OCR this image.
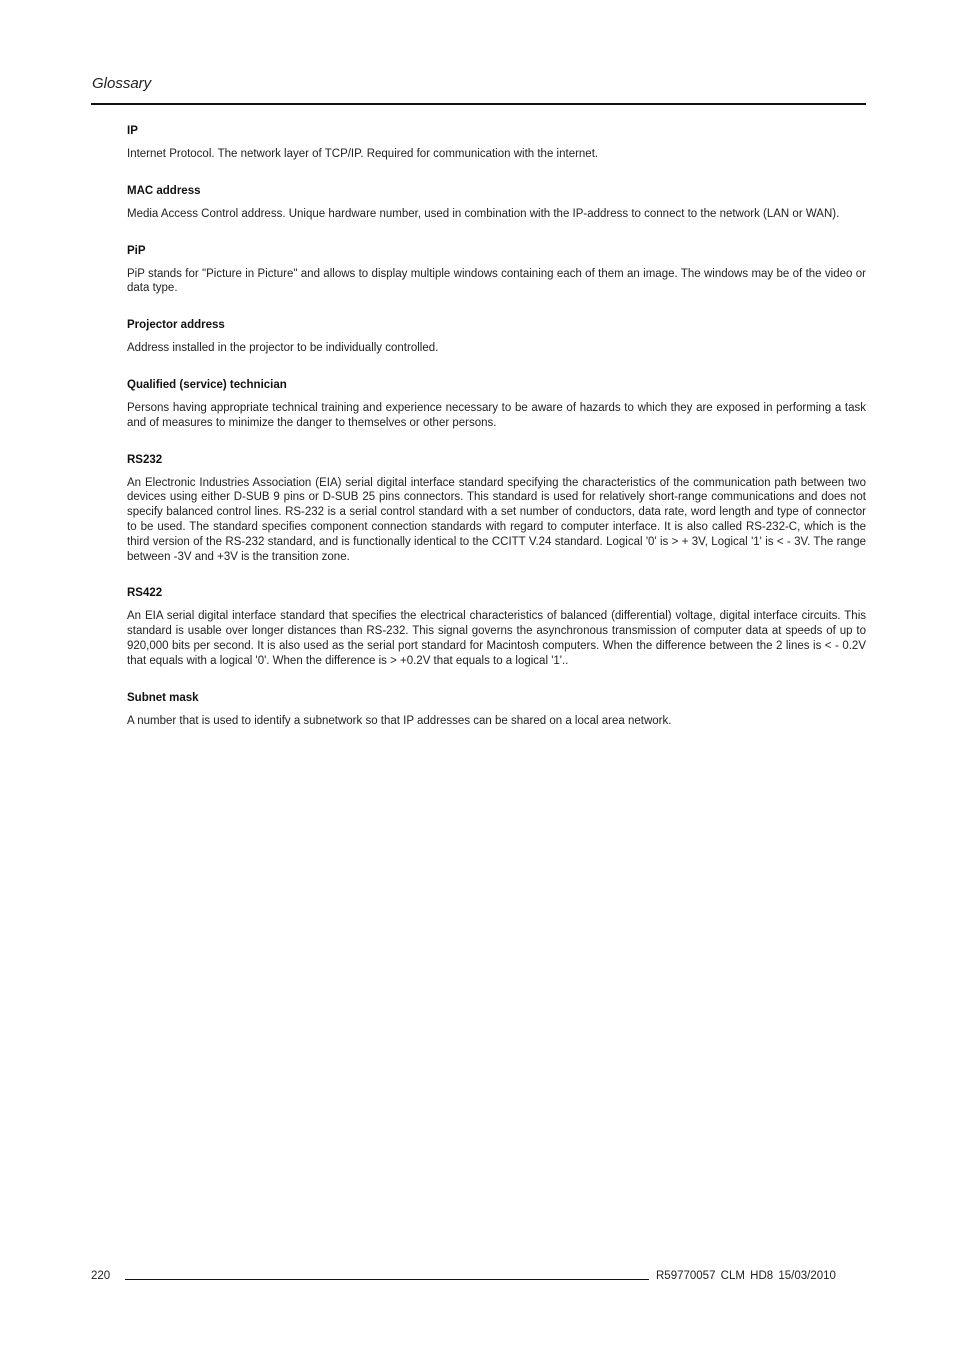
Glossary

IP

Internet Protocol. The network layer of TCP/IP. Required for communication with the internet.

MAC address

Media Access Control address. Unique hardware number, used in combination with the IP-address to connect to the network (LAN or WAN).

PiP

PiP stands for "Picture in Picture" and allows to display multiple windows containing each of them an image. The windows may be of the video or data type.

Projector address

Address installed in the projector to be individually controlled.

Qualified (service) technician

Persons having appropriate technical training and experience necessary to be aware of hazards to which they are exposed in performing a task and of measures to minimize the danger to themselves or other persons.

RS232

An Electronic Industries Association (EIA) serial digital interface standard specifying the characteristics of the communication path between two devices using either D-SUB 9 pins or D-SUB 25 pins connectors. This standard is used for relatively short-range communications and does not specify balanced control lines. RS-232 is a serial control standard with a set number of conductors, data rate, word length and type of connector to be used. The standard specifies component connection standards with regard to computer interface. It is also called RS-232-C, which is the third version of the RS-232 standard, and is functionally identical to the CCITT V.24 standard. Logical '0' is > + 3V, Logical '1' is < - 3V. The range between -3V and +3V is the transition zone.

RS422

An EIA serial digital interface standard that specifies the electrical characteristics of balanced (differential) voltage, digital interface circuits. This standard is usable over longer distances than RS-232. This signal governs the asynchronous transmission of computer data at speeds of up to 920,000 bits per second. It is also used as the serial port standard for Macintosh computers. When the difference between the 2 lines is < - 0.2V that equals with a logical '0'. When the difference is > +0.2V that equals to a logical '1'..

Subnet mask

A number that is used to identify a subnetwork so that IP addresses can be shared on a local area network.

220	R59770057 CLM HD8 15/03/2010
